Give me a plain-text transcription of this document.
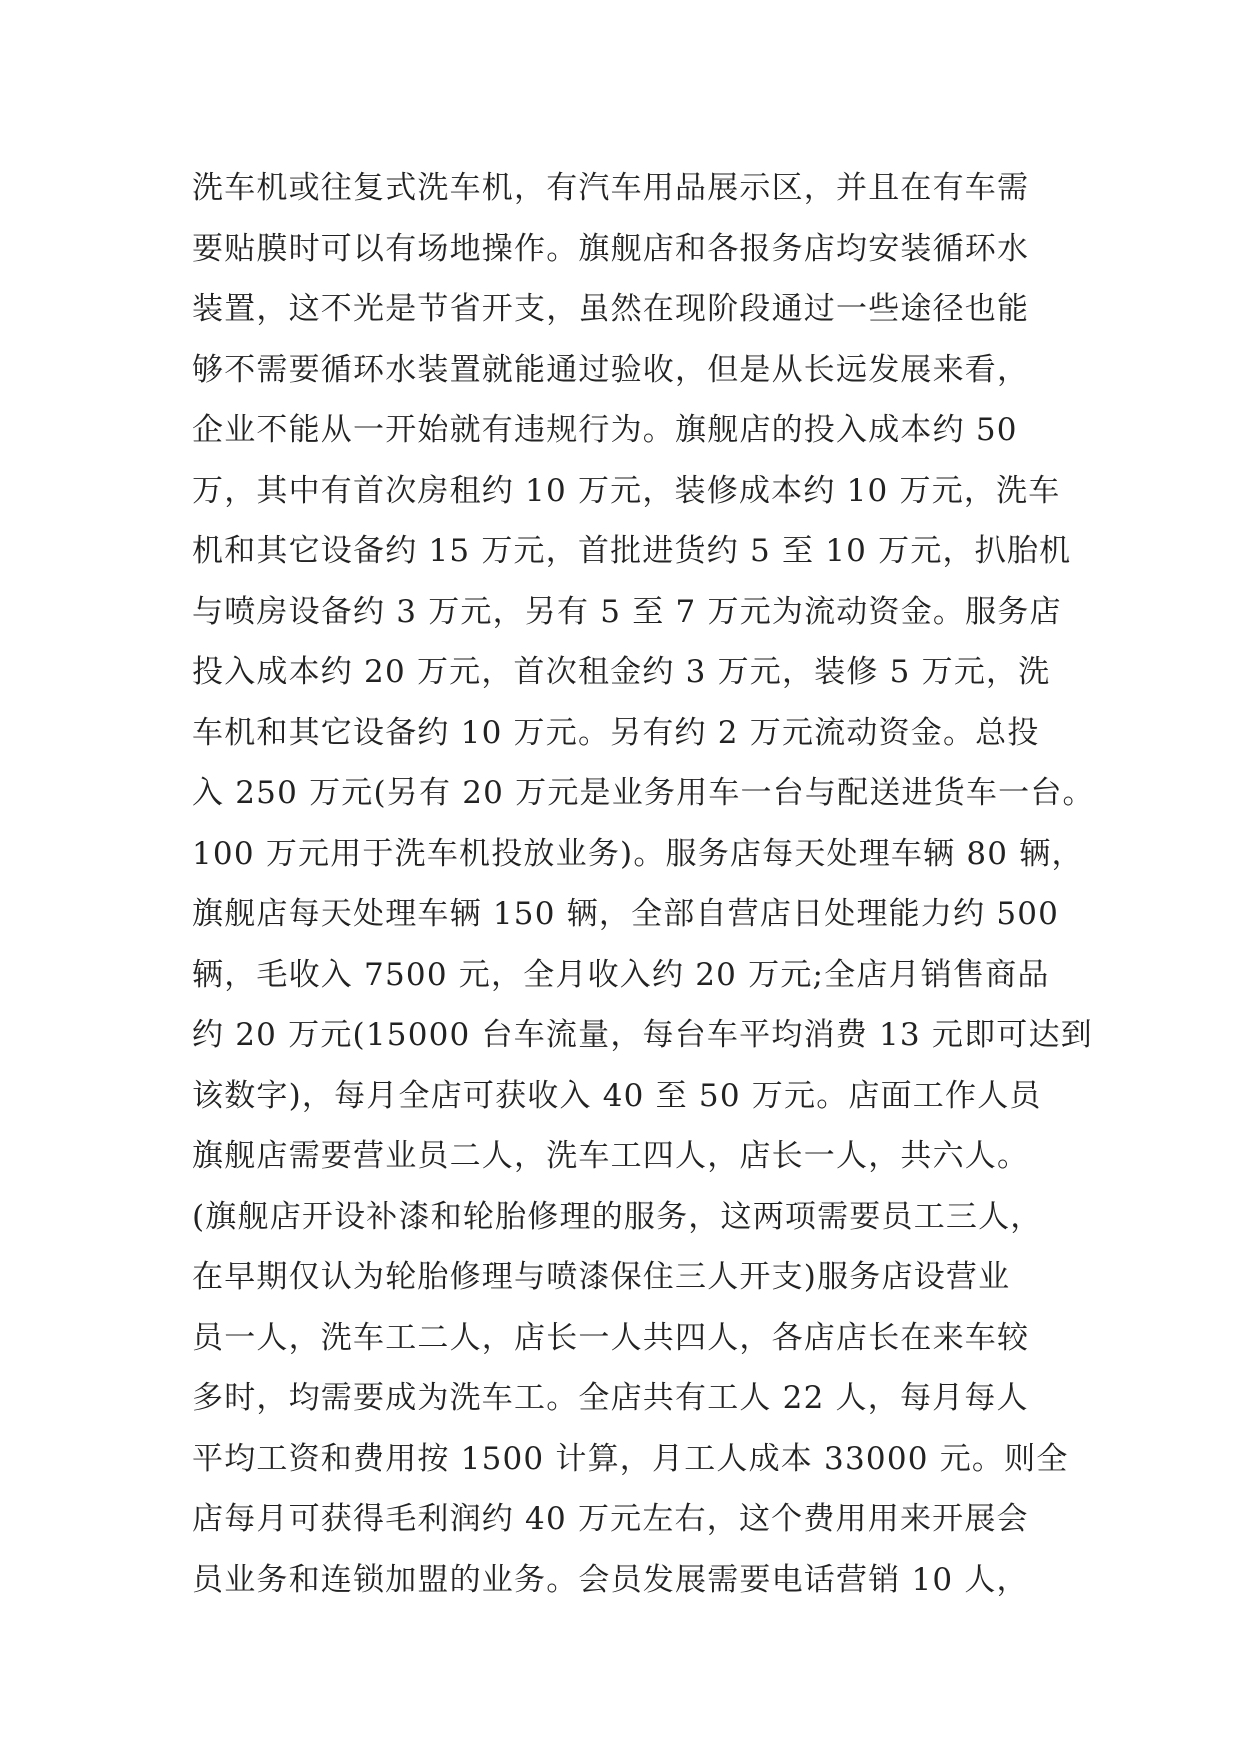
洗车机或往复式洗车机，有汽车用品展示区，并且在有车需
要贴膜时可以有场地操作。旗舰店和各报务店均安装循环水
装置，这不光是节省开支，虽然在现阶段通过一些途径也能
够不需要循环水装置就能通过验收，但是从长远发展来看，
企业不能从一开始就有违规行为。旗舰店的投入成本约 50
万，其中有首次房租约 10 万元，装修成本约 10 万元，洗车
机和其它设备约 15 万元，首批进货约 5 至 10 万元，扒胎机
与喷房设备约 3 万元，另有 5 至 7 万元为流动资金。服务店
投入成本约 20 万元，首次租金约 3 万元，装修 5 万元，洗
车机和其它设备约 10 万元。另有约 2 万元流动资金。总投
入 250 万元(另有 20 万元是业务用车一台与配送进货车一台。
100 万元用于洗车机投放业务)。服务店每天处理车辆 80 辆，
旗舰店每天处理车辆 150 辆，全部自营店日处理能力约 500
辆，毛收入 7500 元，全月收入约 20 万元;全店月销售商品
约 20 万元(15000 台车流量，每台车平均消费 13 元即可达到
该数字)，每月全店可获收入 40 至 50 万元。店面工作人员
旗舰店需要营业员二人，洗车工四人，店长一人，共六人。
(旗舰店开设补漆和轮胎修理的服务，这两项需要员工三人，
在早期仅认为轮胎修理与喷漆保住三人开支)服务店设营业
员一人，洗车工二人，店长一人共四人，各店店长在来车较
多时，均需要成为洗车工。全店共有工人 22 人，每月每人
平均工资和费用按 1500 计算，月工人成本 33000 元。则全
店每月可获得毛利润约 40 万元左右，这个费用用来开展会
员业务和连锁加盟的业务。会员发展需要电话营销 10 人，
